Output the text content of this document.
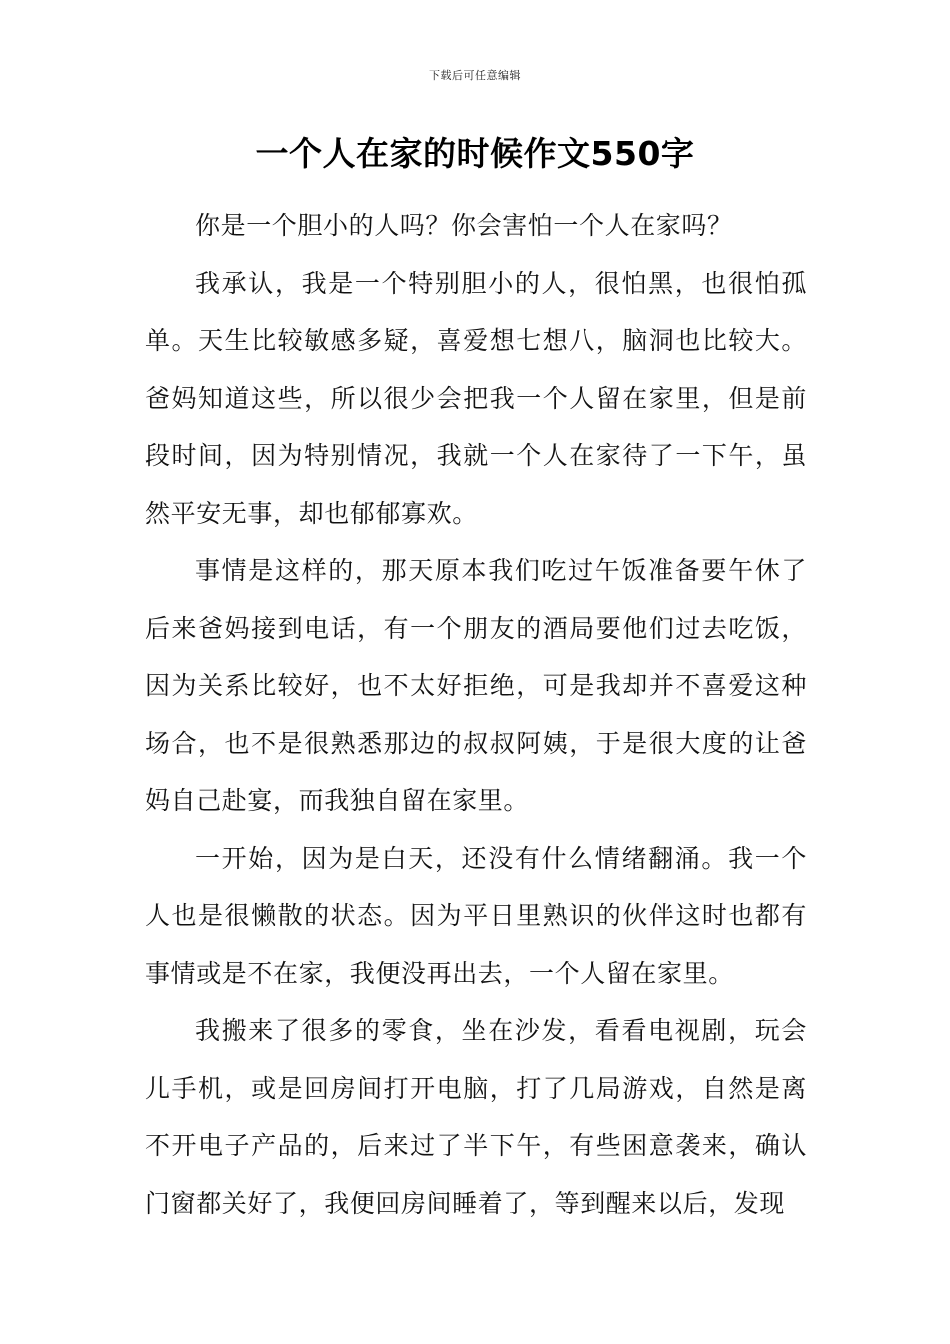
下载后可任意编辑
一个人在家的时候作文550字

你是一个胆小的人吗？你会害怕一个人在家吗？

我承认，我是一个特别胆小的人，很怕黑，也很怕孤单。天生比较敏感多疑，喜爱想七想八，脑洞也比较大。爸妈知道这些，所以很少会把我一个人留在家里，但是前段时间，因为特别情况，我就一个人在家待了一下午，虽然平安无事，却也郁郁寡欢。

事情是这样的，那天原本我们吃过午饭准备要午休了后来爸妈接到电话，有一个朋友的酒局要他们过去吃饭，因为关系比较好，也不太好拒绝，可是我却并不喜爱这种场合，也不是很熟悉那边的叔叔阿姨，于是很大度的让爸妈自己赴宴，而我独自留在家里。

一开始，因为是白天，还没有什么情绪翻涌。我一个人也是很懒散的状态。因为平日里熟识的伙伴这时也都有事情或是不在家，我便没再出去，一个人留在家里。

我搬来了很多的零食，坐在沙发，看看电视剧，玩会儿手机，或是回房间打开电脑，打了几局游戏，自然是离不开电子产品的，后来过了半下午，有些困意袭来，确认门窗都关好了，我便回房间睡着了，等到醒来以后，发现
